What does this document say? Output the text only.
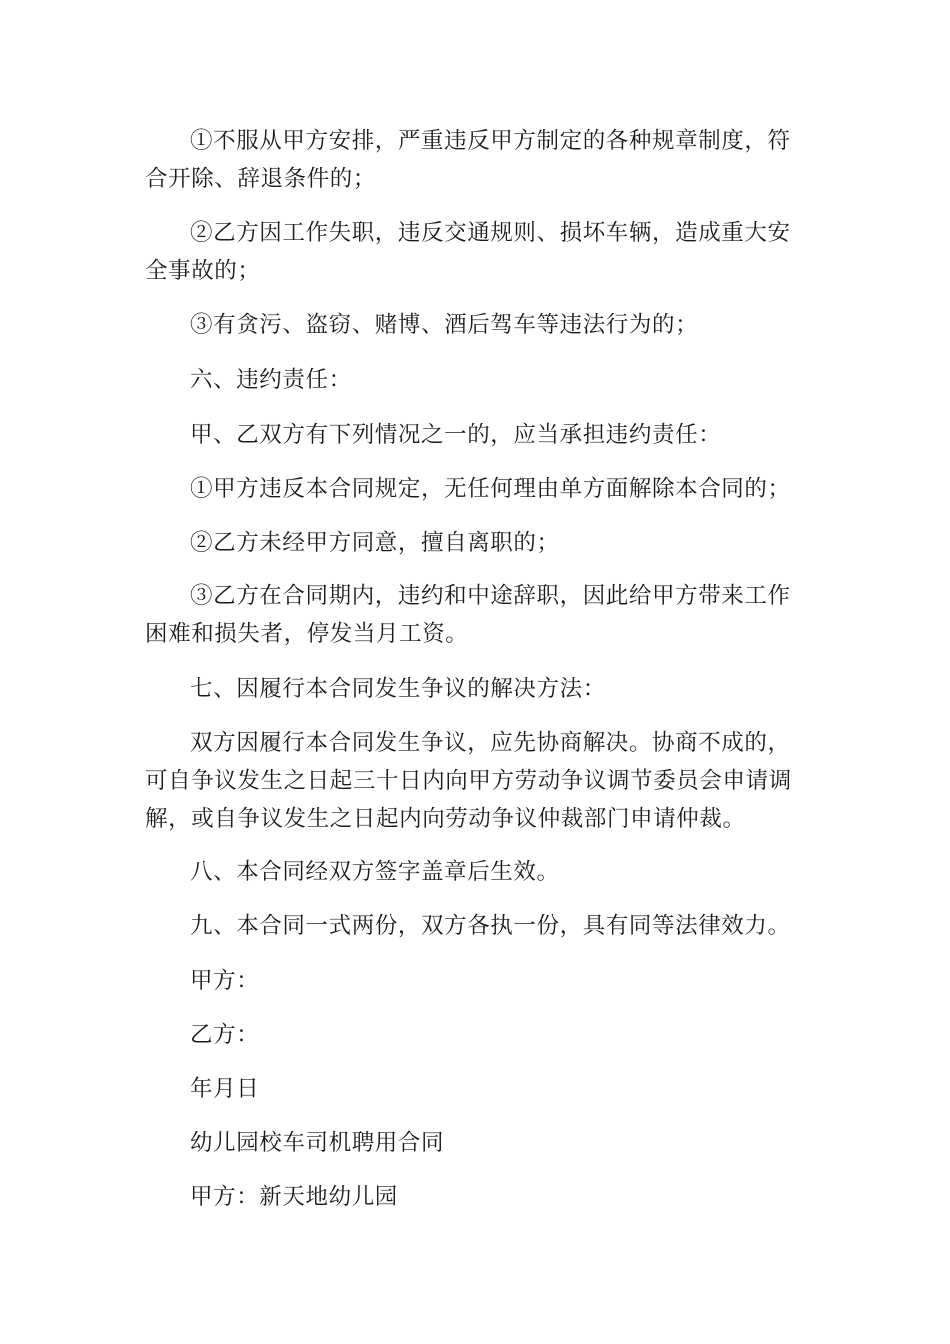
①不服从甲方安排，严重违反甲方制定的各种规章制度，符合开除、辞退条件的；

②乙方因工作失职，违反交通规则、损坏车辆，造成重大安全事故的；

③有贪污、盗窃、赌博、酒后驾车等违法行为的；

六、违约责任：

甲、乙双方有下列情况之一的，应当承担违约责任：

①甲方违反本合同规定，无任何理由单方面解除本合同的；

②乙方未经甲方同意，擅自离职的；

③乙方在合同期内，违约和中途辞职，因此给甲方带来工作困难和损失者，停发当月工资。

七、因履行本合同发生争议的解决方法：

双方因履行本合同发生争议，应先协商解决。协商不成的，可自争议发生之日起三十日内向甲方劳动争议调节委员会申请调解，或自争议发生之日起内向劳动争议仲裁部门申请仲裁。

八、本合同经双方签字盖章后生效。

九、本合同一式两份，双方各执一份，具有同等法律效力。

甲方：

乙方：

年月日

幼儿园校车司机聘用合同

甲方：新天地幼儿园
